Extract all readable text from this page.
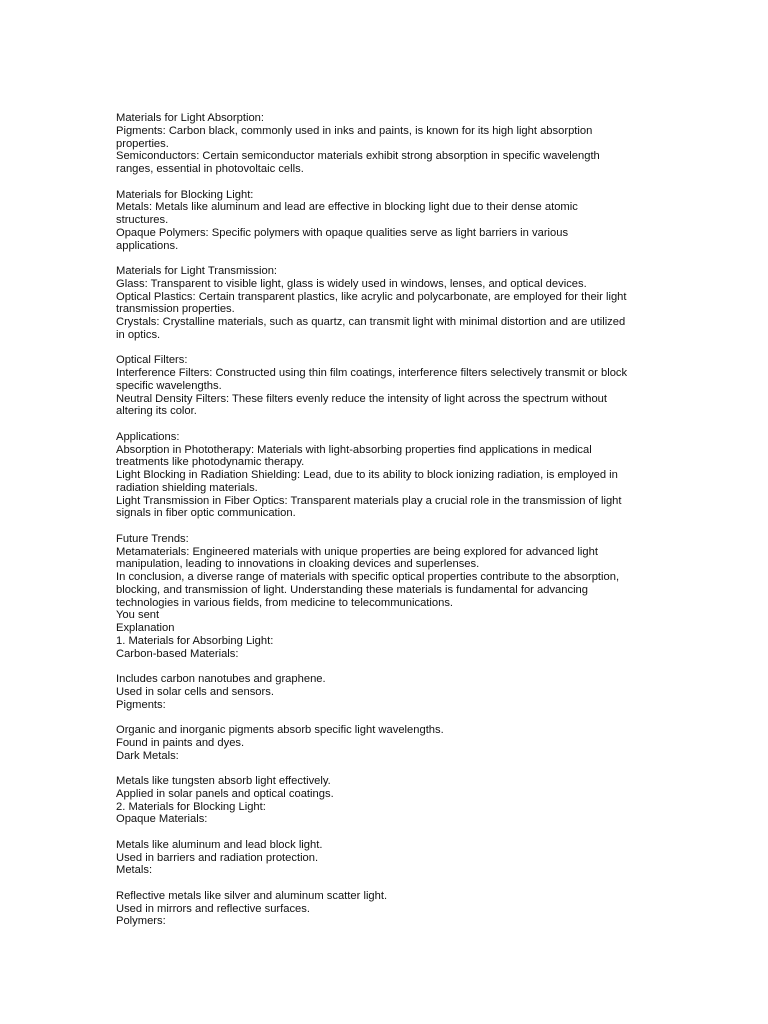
Materials for Light Absorption:
Pigments: Carbon black, commonly used in inks and paints, is known for its high light absorption
properties.
Semiconductors: Certain semiconductor materials exhibit strong absorption in specific wavelength
ranges, essential in photovoltaic cells.
Materials for Blocking Light:
Metals: Metals like aluminum and lead are effective in blocking light due to their dense atomic
structures.
Opaque Polymers: Specific polymers with opaque qualities serve as light barriers in various
applications.
Materials for Light Transmission:
Glass: Transparent to visible light, glass is widely used in windows, lenses, and optical devices.
Optical Plastics: Certain transparent plastics, like acrylic and polycarbonate, are employed for their light
transmission properties.
Crystals: Crystalline materials, such as quartz, can transmit light with minimal distortion and are utilized
in optics.
Optical Filters:
Interference Filters: Constructed using thin film coatings, interference filters selectively transmit or block
specific wavelengths.
Neutral Density Filters: These filters evenly reduce the intensity of light across the spectrum without
altering its color.
Applications:
Absorption in Phototherapy: Materials with light-absorbing properties find applications in medical
treatments like photodynamic therapy.
Light Blocking in Radiation Shielding: Lead, due to its ability to block ionizing radiation, is employed in
radiation shielding materials.
Light Transmission in Fiber Optics: Transparent materials play a crucial role in the transmission of light
signals in fiber optic communication.
Future Trends:
Metamaterials: Engineered materials with unique properties are being explored for advanced light
manipulation, leading to innovations in cloaking devices and superlenses.
In conclusion, a diverse range of materials with specific optical properties contribute to the absorption,
blocking, and transmission of light. Understanding these materials is fundamental for advancing
technologies in various fields, from medicine to telecommunications.
You sent
Explanation
1. Materials for Absorbing Light:
Carbon-based Materials:
Includes carbon nanotubes and graphene.
Used in solar cells and sensors.
Pigments:
Organic and inorganic pigments absorb specific light wavelengths.
Found in paints and dyes.
Dark Metals:
Metals like tungsten absorb light effectively.
Applied in solar panels and optical coatings.
2. Materials for Blocking Light:
Opaque Materials:
Metals like aluminum and lead block light.
Used in barriers and radiation protection.
Metals:
Reflective metals like silver and aluminum scatter light.
Used in mirrors and reflective surfaces.
Polymers:
